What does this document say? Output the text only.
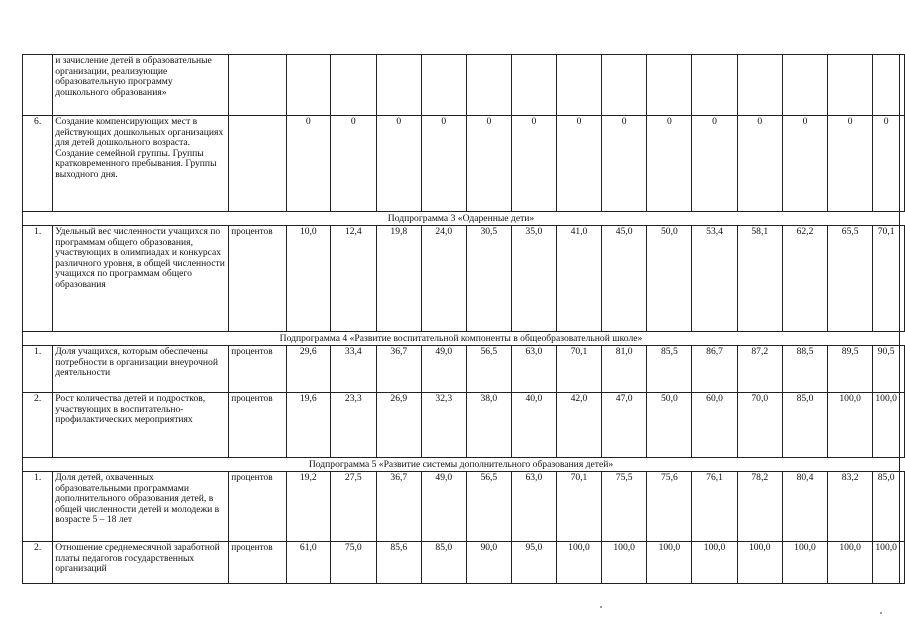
	и зачисление детей в образовательные организации, реализующие образовательную программу дошкольного образования»																
6.	Создание компенсирующих мест в действующих дошкольных организациях для детей дошкольного возраста. Создание семейной группы. Группы кратковременного пребывания. Группы выходного дня.		0	0	0	0	0	0	0	0	0	0	0	0	0	0	
Подпрограмма 3 «Одаренные дети»																	
1.	Удельный вес численности учащихся по программам общего образования, участвующих в олимпиадах и конкурсах различного уровня, в общей численности учащихся по программам общего образования	процентов	10,0	12,4	19,8	24,0	30,5	35,0	41,0	45,0	50,0	53,4	58,1	62,2	65,5	70,1	
Подпрограмма 4 «Развитие воспитательной компоненты в общеобразовательной школе»																	
1.	Доля учащихся, которым обеспечены потребности в организации внеурочной деятельности	процентов	29,6	33,4	36,7	49,0	56,5	63,0	70,1	81,0	85,5	86,7	87,2	88,5	89,5	90,5	
2.	Рост количества детей и подростков, участвующих в воспитательно-профилактических мероприятиях	процентов	19,6	23,3	26,9	32,3	38,0	40,0	42,0	47,0	50,0	60,0	70,0	85,0	100,0	100,0	
Подпрограмма 5 «Развитие системы дополнительного образования детей»																	
1.	Доля детей, охваченных образовательными программами дополнительного образования детей, в общей численности детей и молодежи в возрасте 5 – 18 лет	процентов	19,2	27,5	36,7	49,0	56,5	63,0	70,1	75,5	75,6	76,1	78,2	80,4	83,2	85,0	
2.	Отношение среднемесячной заработной платы педагогов государственных организаций	процентов	61,0	75,0	85,6	85,0	90,0	95,0	100,0	100,0	100,0	100,0	100,0	100,0	100,0	100,0	
